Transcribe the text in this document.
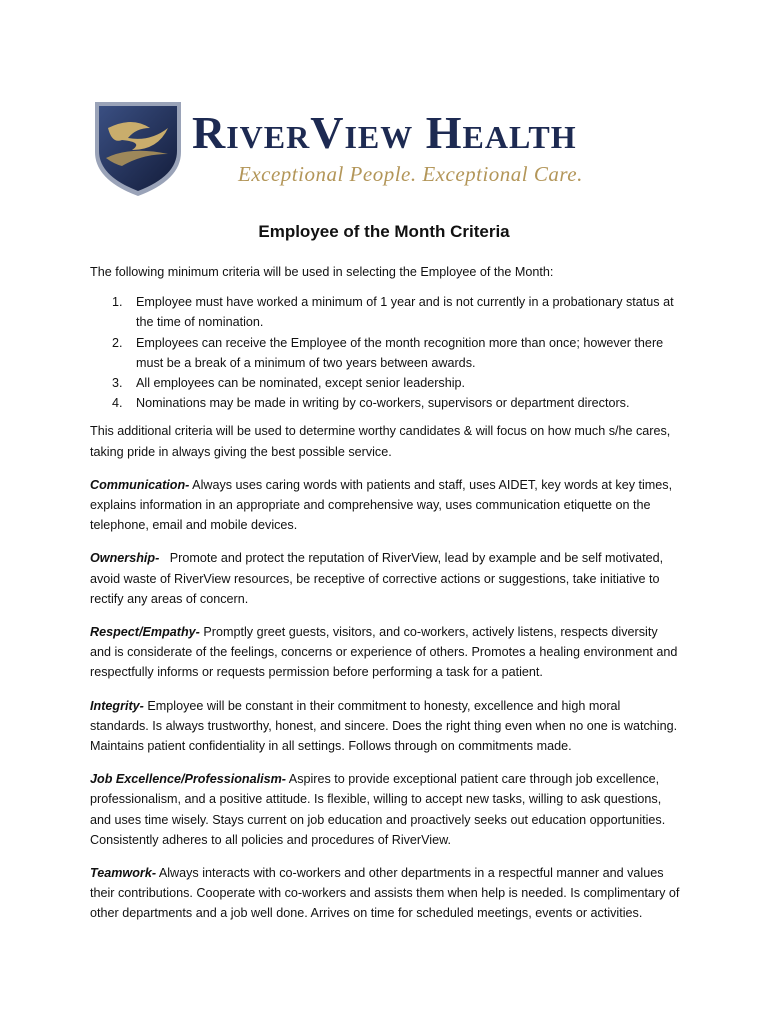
RiverView Health
Exceptional People. Exceptional Care.
Employee of the Month Criteria

The following minimum criteria will be used in selecting the Employee of the Month:

1.	Employee must have worked a minimum of 1 year and is not currently in a probationary status at the time of nomination.
2.	Employees can receive the Employee of the month recognition more than once; however there must be a break of a minimum of two years between awards.
3.	All employees can be nominated, except senior leadership.
4.	Nominations may be made in writing by co-workers, supervisors or department directors.

This additional criteria will be used to determine worthy candidates & will focus on how much s/he cares, taking pride in always giving the best possible service.

Communication- Always uses caring words with patients and staff, uses AIDET, key words at key times, explains information in an appropriate and comprehensive way, uses communication etiquette on the telephone, email and mobile devices.

Ownership-   Promote and protect the reputation of RiverView, lead by example and be self motivated, avoid waste of RiverView resources, be receptive of corrective actions or suggestions, take initiative to rectify any areas of concern.

Respect/Empathy- Promptly greet guests, visitors, and co-workers, actively listens, respects diversity and is considerate of the feelings, concerns or experience of others. Promotes a healing environment and respectfully informs or requests permission before performing a task for a patient.

Integrity- Employee will be constant in their commitment to honesty, excellence and high moral standards. Is always trustworthy, honest, and sincere. Does the right thing even when no one is watching. Maintains patient confidentiality in all settings. Follows through on commitments made.

Job Excellence/Professionalism- Aspires to provide exceptional patient care through job excellence, professionalism, and a positive attitude. Is flexible, willing to accept new tasks, willing to ask questions, and uses time wisely. Stays current on job education and proactively seeks out education opportunities. Consistently adheres to all policies and procedures of RiverView.

Teamwork- Always interacts with co-workers and other departments in a respectful manner and values their contributions. Cooperate with co-workers and assists them when help is needed. Is complimentary of other departments and a job well done. Arrives on time for scheduled meetings, events or activities.
